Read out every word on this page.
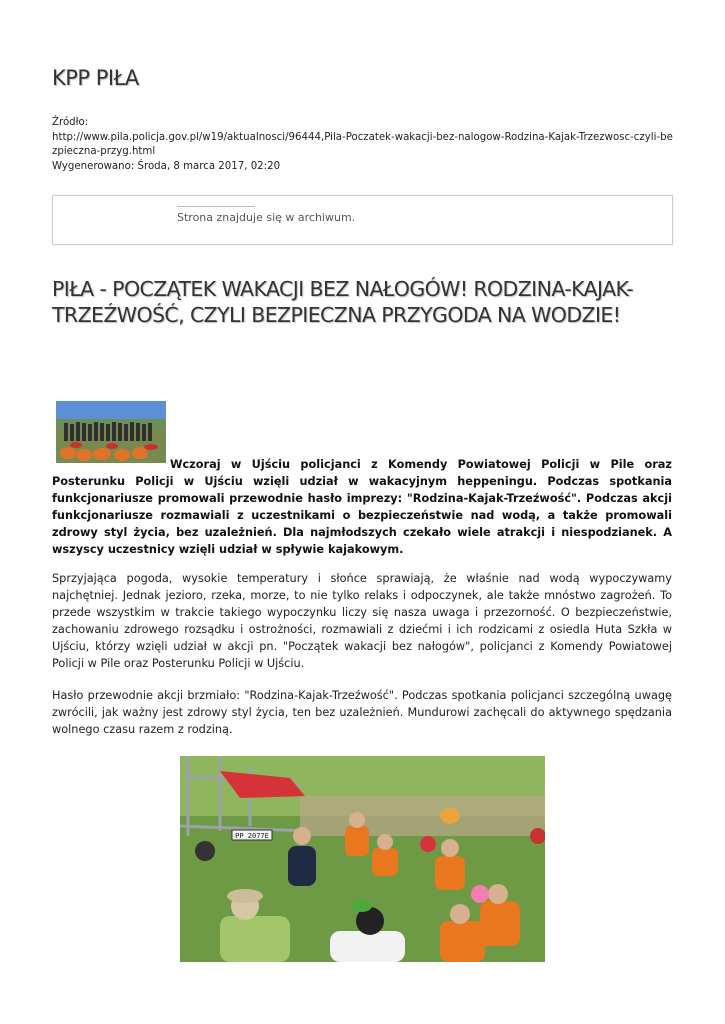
KPP PIŁA
Źródło:
http://www.pila.policja.gov.pl/w19/aktualnosci/96444,Pila-Poczatek-wakacji-bez-nalogow-Rodzina-Kajak-Trzezwosc-czyli-bezpieczna-przyg.html
Wygenerowano: Środa, 8 marca 2017, 02:20
Strona znajduje się w archiwum.
PIŁA - POCZĄTEK WAKACJI BEZ NAŁOGÓW! RODZINA-KAJAK-TRZEŹWOŚĆ, CZYLI BEZPIECZNA PRZYGODA NA WODZIE!

Wczoraj w Ujściu policjanci z Komendy Powiatowej Policji w Pile oraz Posterunku Policji w Ujściu wzięli udział w wakacyjnym heppeningu. Podczas spotkania funkcjonariusze promowali przewodnie hasło imprezy: "Rodzina-Kajak-Trzeźwość". Podczas akcji funkcjonariusze rozmawiali z uczestnikami o bezpieczeństwie nad wodą, a także promowali zdrowy styl życia, bez uzależnień. Dla najmłodszych czekało wiele atrakcji i niespodzianek. A wszyscy uczestnicy wzięli udział w spływie kajakowym.

Sprzyjająca pogoda, wysokie temperatury i słońce sprawiają, że właśnie nad wodą wypoczywamy najchętniej. Jednak jezioro, rzeka, morze, to nie tylko relaks i odpoczynek, ale także mnóstwo zagrożeń. To przede wszystkim w trakcie takiego wypoczynku liczy się nasza uwaga i przezorność. O bezpieczeństwie, zachowaniu zdrowego rozsądku i ostrożności, rozmawiali z dziećmi i ich rodzicami z osiedla Huta Szkła w Ujściu, którzy wzięli udział w akcji pn. "Początek wakacji bez nałogów", policjanci z Komendy Powiatowej Policji w Pile oraz Posterunku Policji w Ujściu.

Hasło przewodnie akcji brzmiało: "Rodzina-Kajak-Trzeźwość". Podczas spotkania policjanci szczególną uwagę zwrócili, jak ważny jest zdrowy styl życia, ten bez uzależnień. Mundurowi zachęcali do aktywnego spędzania wolnego czasu razem z rodziną.

PP 2077E
